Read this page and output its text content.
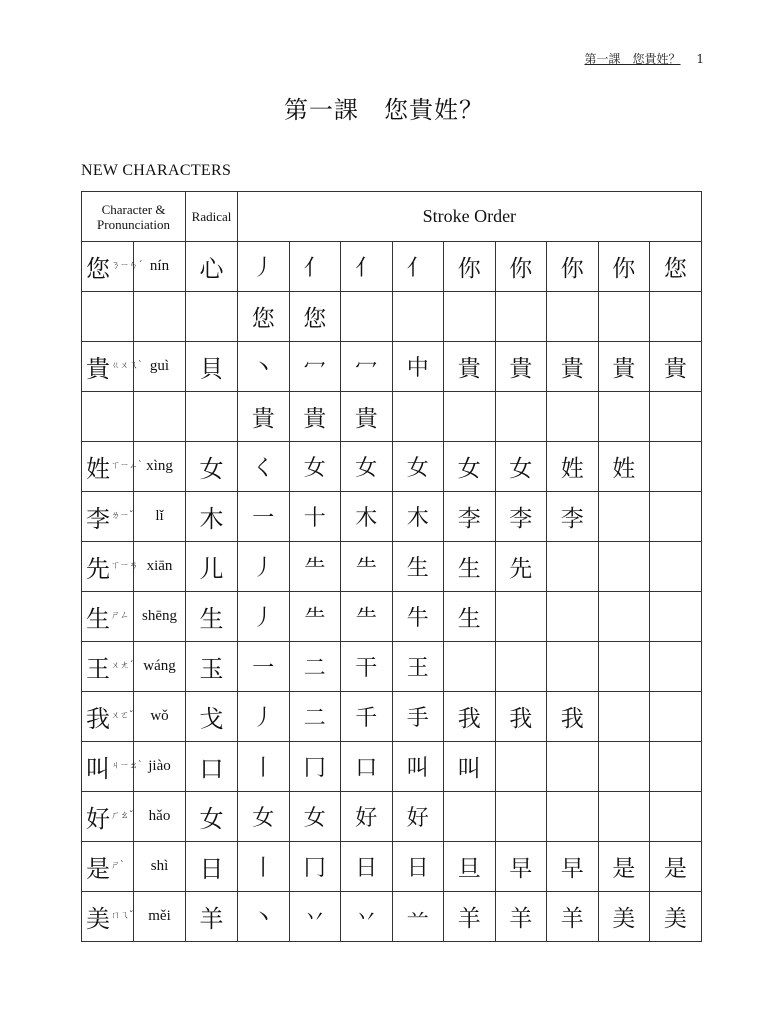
第一課　您貴姓？ 1
第一課　您貴姓？
NEW CHARACTERS
Character & Pronunciation		Radical	Stroke Order								
您ㄋㄧㄣˊ	nín	心	丿	亻	亻	亻	你	你	你	你	您
			您	您							
貴ㄍㄨㄟˋ	guì	貝	丶	冖	冖	中	貴	貴	貴	貴	貴
			貴	貴	貴						
姓ㄒㄧㄥˋ	xìng	女	く	女	女	女	女	女	姓	姓	
李ㄌㄧˇ	lǐ	木	一	十	木	木	李	李	李		
先ㄒㄧㄢ	xiān	儿	丿	⺧	⺧	生	生	先			
生ㄕㄥ	shēng	生	丿	⺧	⺧	牛	生				
王ㄨㄤˊ	wáng	玉	一	二	干	王					
我ㄨㄛˇ	wǒ	戈	丿	二	千	手	我	我	我		
叫ㄐㄧㄠˋ	jiào	口	丨	冂	口	叫	叫				
好ㄏㄠˇ	hǎo	女	女	女	好	好					
是ㄕˋ	shì	日	丨	冂	日	日	旦	早	早	是	是
美ㄇㄟˇ	měi	羊	丶	丷	丷	䒑	羊	羊	羊	美	美
